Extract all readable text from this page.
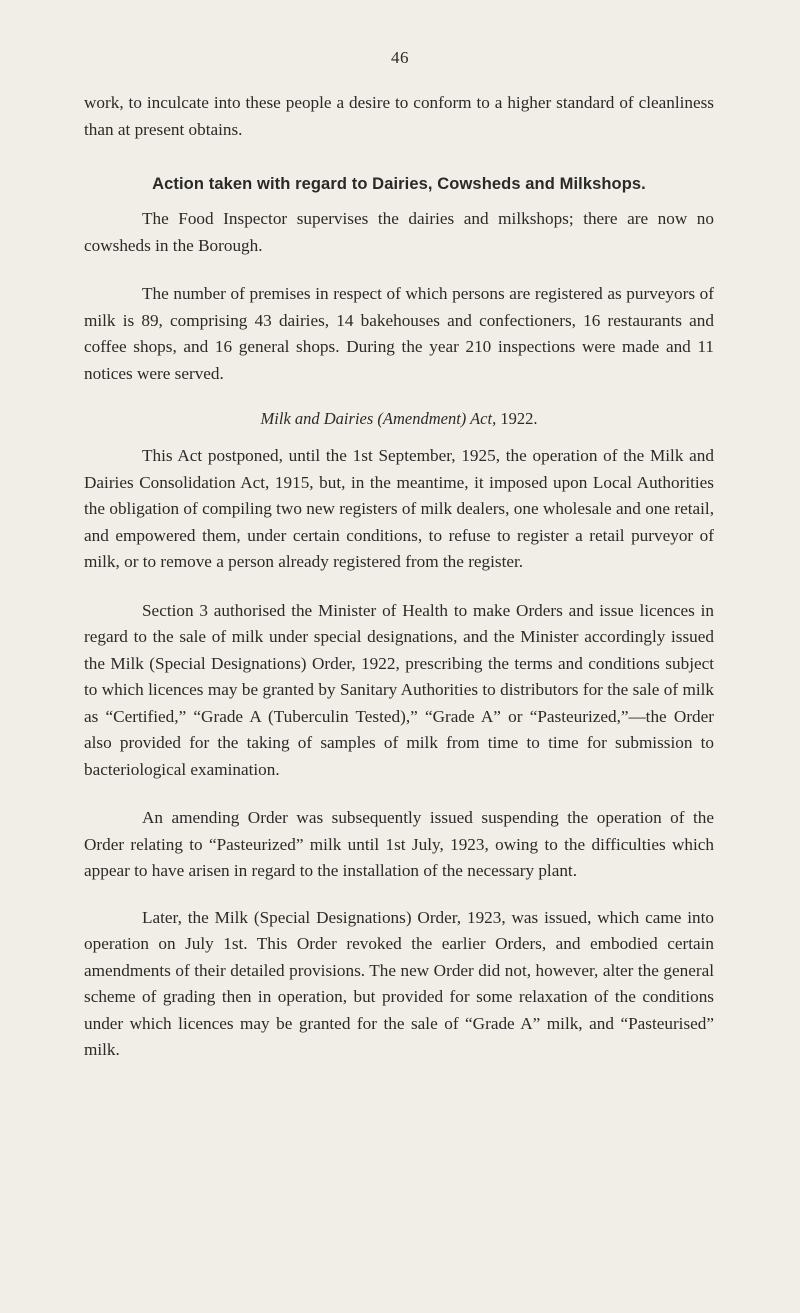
46

work, to inculcate into these people a desire to conform to a higher standard of cleanliness than at present obtains.

Action taken with regard to Dairies, Cowsheds and Milkshops.

The Food Inspector supervises the dairies and milkshops; there are now no cowsheds in the Borough.

The number of premises in respect of which persons are registered as purveyors of milk is 89, comprising 43 dairies, 14 bakehouses and confectioners, 16 restaurants and coffee shops, and 16 general shops. During the year 210 inspections were made and 11 notices were served.

Milk and Dairies (Amendment) Act, 1922.

This Act postponed, until the 1st September, 1925, the operation of the Milk and Dairies Consolidation Act, 1915, but, in the meantime, it imposed upon Local Authorities the obligation of compiling two new registers of milk dealers, one wholesale and one retail, and empowered them, under certain conditions, to refuse to register a retail purveyor of milk, or to remove a person already registered from the register.

Section 3 authorised the Minister of Health to make Orders and issue licences in regard to the sale of milk under special designations, and the Minister accordingly issued the Milk (Special Designations) Order, 1922, prescribing the terms and conditions subject to which licences may be granted by Sanitary Authorities to distributors for the sale of milk as “Certified,” “Grade A (Tuberculin Tested),” “Grade A” or “Pasteurized,”—the Order also provided for the taking of samples of milk from time to time for submission to bacteriological examination.

An amending Order was subsequently issued suspending the operation of the Order relating to “Pasteurized” milk until 1st July, 1923, owing to the difficulties which appear to have arisen in regard to the installation of the necessary plant.

Later, the Milk (Special Designations) Order, 1923, was issued, which came into operation on July 1st. This Order revoked the earlier Orders, and embodied certain amendments of their detailed provisions. The new Order did not, however, alter the general scheme of grading then in operation, but provided for some relaxation of the conditions under which licences may be granted for the sale of “Grade A” milk, and “Pasteurised” milk.
